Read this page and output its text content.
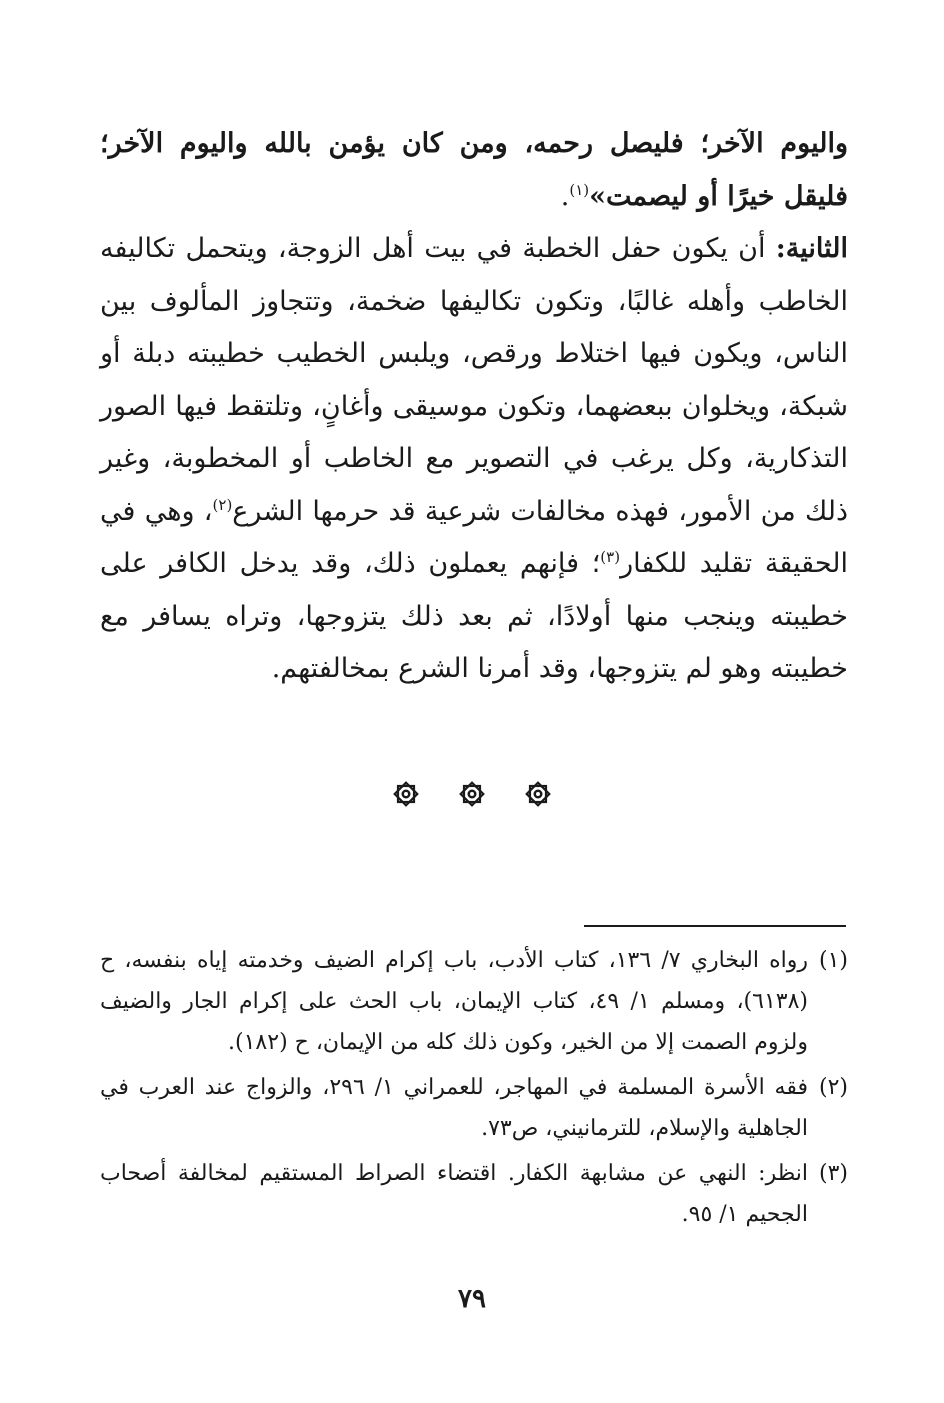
واليوم الآخر؛ فليصل رحمه، ومن كان يؤمن بالله واليوم الآخر؛ فليقل خيرًا أو ليصمت»$^{(١)}$.

الثانية: أن يكون حفل الخطبة في بيت أهل الزوجة، ويتحمل تكاليفه الخاطب وأهله غالبًا، وتكون تكاليفها ضخمة، وتتجاوز المألوف بين الناس، ويكون فيها اختلاط ورقص، ويلبس الخطيب خطيبته دبلة أو شبكة، ويخلوان ببعضهما، وتكون موسيقى وأغانٍ، وتلتقط فيها الصور التذكارية، وكل يرغب في التصوير مع الخاطب أو المخطوبة، وغير ذلك من الأمور، فهذه مخالفات شرعية قد حرمها الشرع$^{(٢)}$، وهي في الحقيقة تقليد للكفار$^{(٣)}$؛ فإنهم يعملون ذلك، وقد يدخل الكافر على خطيبته وينجب منها أولادًا، ثم بعد ذلك يتزوجها، وتراه يسافر مع خطيبته وهو لم يتزوجها، وقد أمرنا الشرع بمخالفتهم.

(١)رواه البخاري ٧/ ١٣٦، كتاب الأدب، باب إكرام الضيف وخدمته إياه بنفسه، ح (٦١٣٨)، ومسلم ١/ ٤٩، كتاب الإيمان، باب الحث على إكرام الجار والضيف ولزوم الصمت إلا من الخير، وكون ذلك كله من الإيمان، ح (١٨٢).

(٢)فقه الأسرة المسلمة في المهاجر، للعمراني ١/ ٢٩٦، والزواج عند العرب في الجاهلية والإسلام، للترمانيني، ص٧٣.

(٣)انظر: النهي عن مشابهة الكفار. اقتضاء الصراط المستقيم لمخالفة أصحاب الجحيم ١/ ٩٥.

٧٩
